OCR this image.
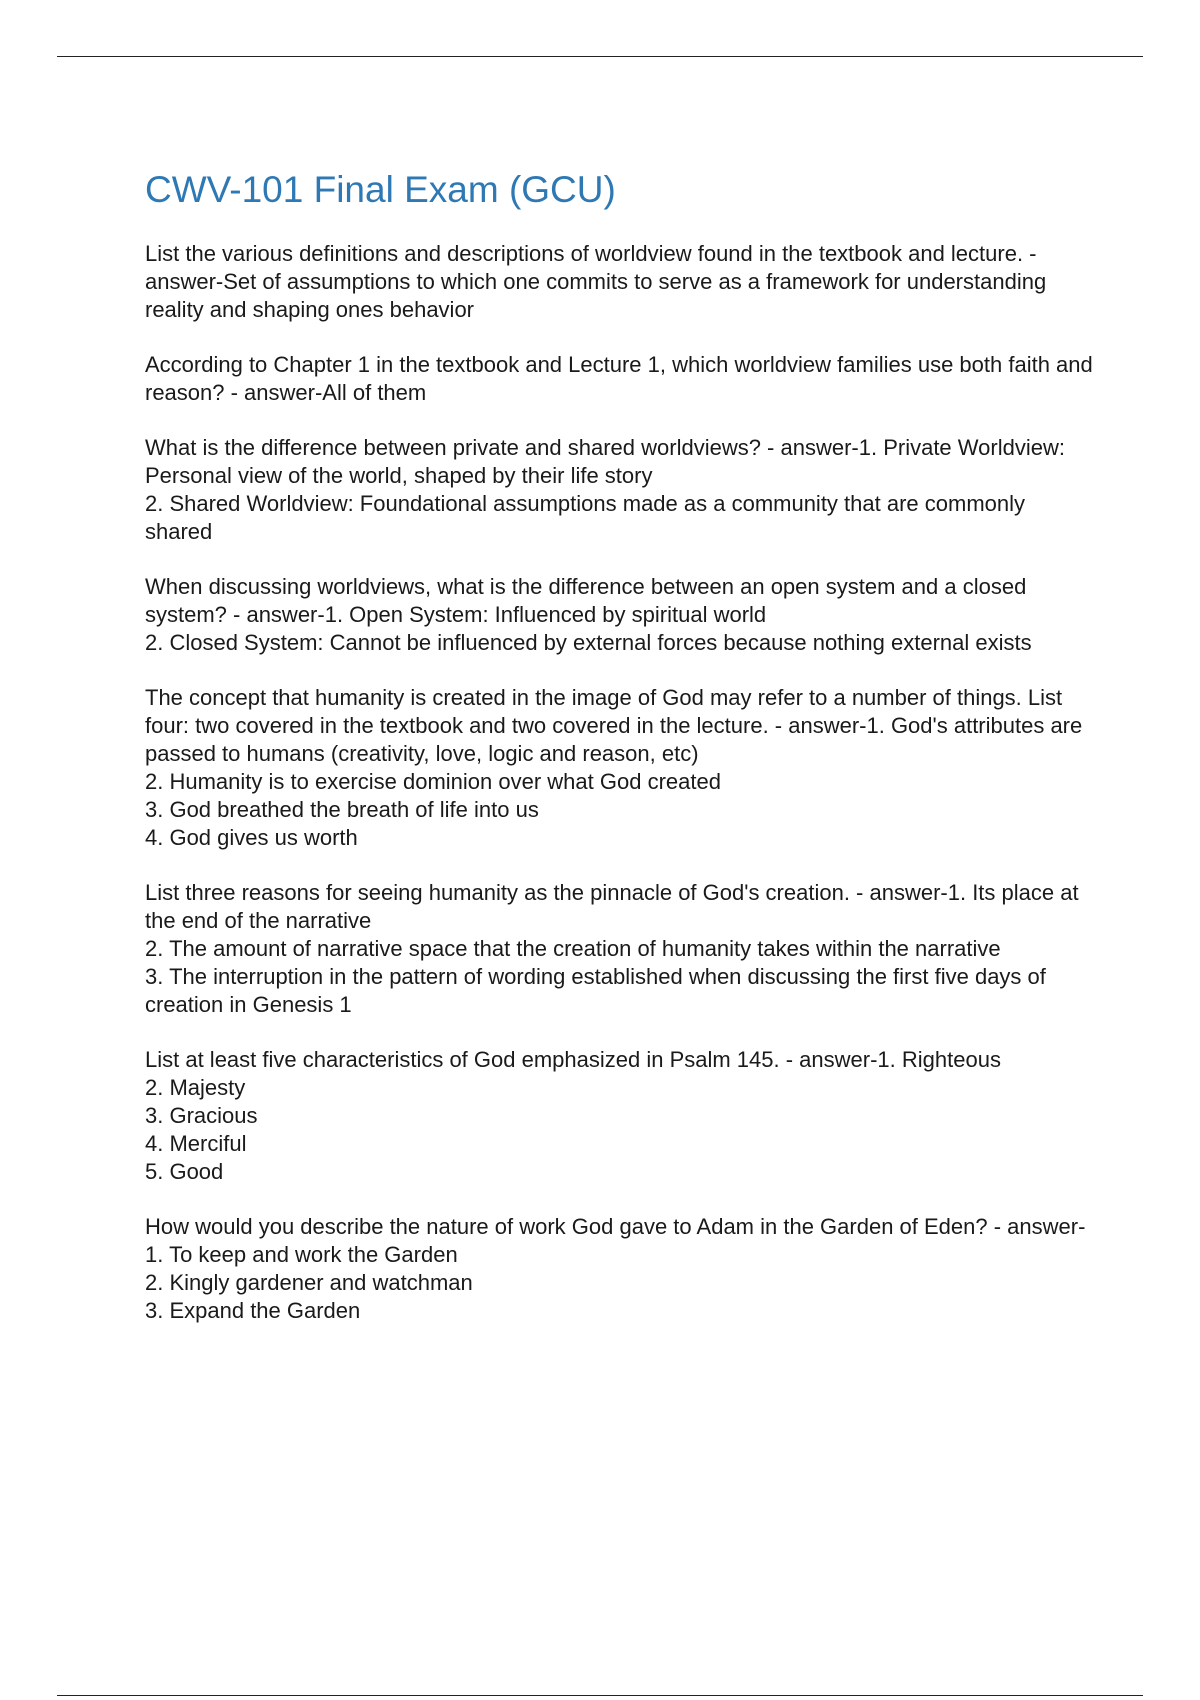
CWV-101 Final Exam (GCU)

List the various definitions and descriptions of worldview found in the textbook and lecture. - answer-Set of assumptions to which one commits to serve as a framework for understanding reality and shaping ones behavior

According to Chapter 1 in the textbook and Lecture 1, which worldview families use both faith and reason? - answer-All of them

What is the difference between private and shared worldviews? - answer-1. Private Worldview: Personal view of the world, shaped by their life story

2. Shared Worldview: Foundational assumptions made as a community that are commonly shared

When discussing worldviews, what is the difference between an open system and a closed system? - answer-1. Open System: Influenced by spiritual world

2. Closed System: Cannot be influenced by external forces because nothing external exists

The concept that humanity is created in the image of God may refer to a number of things. List four: two covered in the textbook and two covered in the lecture. - answer-1. God's attributes are passed to humans (creativity, love, logic and reason, etc)

2. Humanity is to exercise dominion over what God created

3. God breathed the breath of life into us

4. God gives us worth

List three reasons for seeing humanity as the pinnacle of God's creation. - answer-1. Its place at the end of the narrative

2. The amount of narrative space that the creation of humanity takes within the narrative

3. The interruption in the pattern of wording established when discussing the first five days of creation in Genesis 1

List at least five characteristics of God emphasized in Psalm 145. - answer-1. Righteous

2. Majesty

3. Gracious

4. Merciful

5. Good

How would you describe the nature of work God gave to Adam in the Garden of Eden? - answer-1. To keep and work the Garden

2. Kingly gardener and watchman

3. Expand the Garden
